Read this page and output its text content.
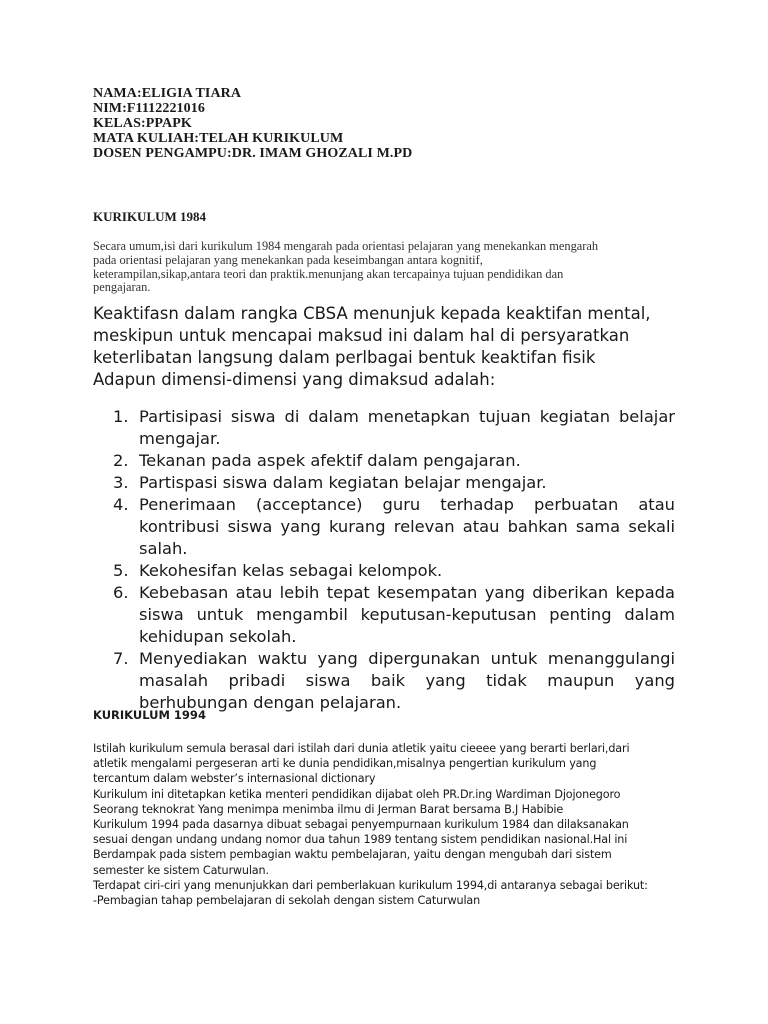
NAMA:ELIGIA TIARA
NIM:F1112221016
KELAS:PPAPK
MATA KULIAH:TELAH KURIKULUM
DOSEN PENGAMPU:DR. IMAM GHOZALI M.PD
KURIKULUM 1984
Secara umum,isi dari kurikulum 1984 mengarah pada orientasi pelajaran yang menekankan mengarah
pada orientasi pelajaran yang menekankan pada keseimbangan antara kognitif,
keterampilan,sikap,antara teori dan praktik.menunjang akan tercapainya tujuan pendidikan dan
pengajaran.
Keaktifasn dalam rangka CBSA menunjuk kepada keaktifan mental,
meskipun untuk mencapai maksud ini dalam hal di persyaratkan
keterlibatan langsung dalam perlbagai bentuk keaktifan fisik
Adapun dimensi-dimensi yang dimaksud adalah:
1. Partisipasi siswa di dalam menetapkan tujuan kegiatan belajar mengajar.
2. Tekanan pada aspek afektif dalam pengajaran.
3. Partispasi siswa dalam kegiatan belajar mengajar.
4. Penerimaan (acceptance) guru terhadap perbuatan atau kontribusi siswa yang kurang relevan atau bahkan sama sekali salah.
5. Kekohesifan kelas sebagai kelompok.
6. Kebebasan atau lebih tepat kesempatan yang diberikan kepada siswa untuk mengambil keputusan-keputusan penting dalam kehidupan sekolah.
7. Menyediakan waktu yang dipergunakan untuk menanggulangi masalah pribadi siswa baik yang tidak maupun yang berhubungan dengan pelajaran.
KURIKULUM 1994
Istilah kurikulum semula berasal dari istilah dari dunia atletik yaitu cieeee yang berarti berlari,dari
atletik mengalami pergeseran arti ke dunia pendidikan,misalnya pengertian kurikulum yang
tercantum dalam webster’s internasional dictionary
Kurikulum ini ditetapkan ketika menteri pendidikan dijabat oleh PR.Dr.ing Wardiman Djojonegoro
Seorang teknokrat Yang menimpa menimba ilmu di Jerman Barat bersama B.J Habibie
Kurikulum 1994 pada dasarnya dibuat sebagai penyempurnaan kurikulum 1984 dan dilaksanakan
sesuai dengan undang undang nomor dua tahun 1989 tentang sistem pendidikan nasional.Hal ini
Berdampak pada sistem pembagian waktu pembelajaran, yaitu dengan mengubah dari sistem
semester ke sistem Caturwulan.
Terdapat ciri-ciri yang menunjukkan dari pemberlakuan kurikulum 1994,di antaranya sebagai berikut:
-Pembagian tahap pembelajaran di sekolah dengan sistem Caturwulan
